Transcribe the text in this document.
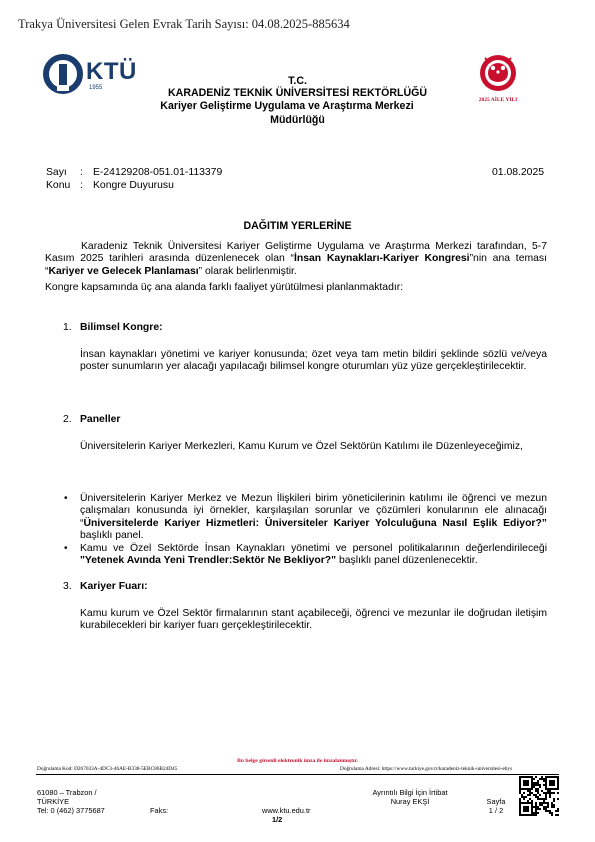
Trakya Üniversitesi Gelen Evrak Tarih Sayısı: 04.08.2025-885634
KTÜ
1955
T.C.
KARADENİZ TEKNİK ÜNİVERSİTESİ REKTÖRLÜĞÜ
Kariyer Geliştirme Uygulama ve Araştırma Merkezi
Müdürlüğü
2025 AİLE YILI
Sayı : E-24129208-051.01-113379	01.08.2025
Konu : Kongre Duyurusu
DAĞITIM YERLERİNE
Karadeniz Teknik Üniversitesi Kariyer Geliştirme Uygulama ve Araştırma Merkezi tarafından, 5-7 Kasım 2025 tarihleri arasında düzenlenecek olan “İnsan Kaynakları-Kariyer Kongresi”nin ana teması “Kariyer ve Gelecek Planlaması” olarak belirlenmiştir.
Kongre kapsamında üç ana alanda farklı faaliyet yürütülmesi planlanmaktadır:
1. Bilimsel Kongre:
İnsan kaynakları yönetimi ve kariyer konusunda; özet veya tam metin bildiri şeklinde sözlü ve/veya poster sunumların yer alacağı yapılacağı bilimsel kongre oturumları yüz yüze gerçekleştirilecektir.
2. Paneller
Üniversitelerin Kariyer Merkezleri, Kamu Kurum ve Özel Sektörün Katılımı ile Düzenleyeceğimiz,
• Üniversitelerin Kariyer Merkez ve Mezun İlişkileri birim yöneticilerinin katılımı ile öğrenci ve mezun çalışmaları konusunda iyi örnekler, karşılaşılan sorunlar ve çözümleri konularının ele alınacağı “Üniversitelerde Kariyer Hizmetleri: Üniversiteler Kariyer Yolculuğuna Nasıl Eşlik Ediyor?” başlıklı panel.
• Kamu ve Özel Sektörde İnsan Kaynakları yönetimi ve personel politikalarının değerlendirileceği "Yetenek Avında Yeni Trendler:Sektör Ne Bekliyor?" başlıklı panel düzenlenecektir.
3. Kariyer Fuarı:
Kamu kurum ve Özel Sektör firmalarının stant açabileceği, öğrenci ve mezunlar ile doğrudan iletişim kurabilecekleri bir kariyer fuarı gerçekleştirilecektir.
Bu belge güvenli elektronik imza ile imzalanmıştır.
Doğrulama Kod: D267033A-4DC3-46AE-B338-5EBC86B24D45	Doğrulama Adresi: https://www.turkiye.gov.tr/karadeniz-teknik-universitesi-ebys
61080 – Trabzon /
TÜRKİYE
Tel: 0 (462) 3775687	Faks:	www.ktu.edu.tr
1/2
Ayrıntılı Bilgi İçin İrtibat
Nuray EKŞİ	Sayfa
1 / 2
